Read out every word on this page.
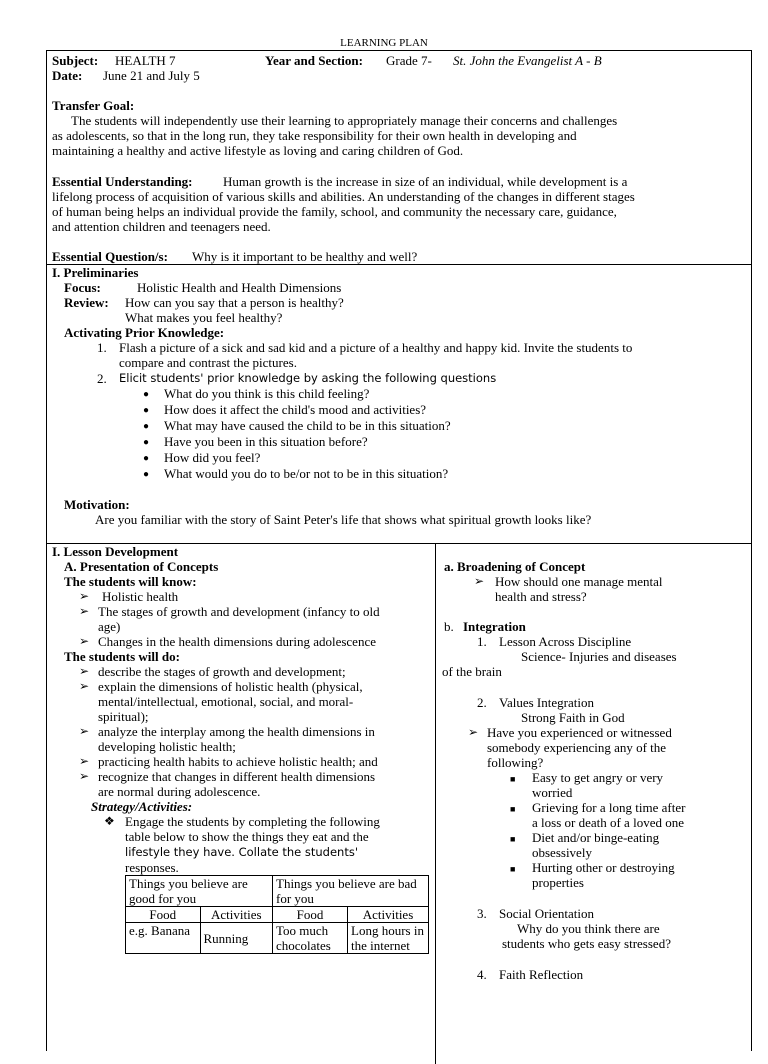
LEARNING PLAN
Subject: HEALTH 7	Year and Section: Grade 7- St. John the Evangelist A - B
Date: June 21 and July 5
Transfer Goal:
The students will independently use their learning to appropriately manage their concerns and challenges
as adolescents, so that in the long run, they take responsibility for their own health in developing and
maintaining a healthy and active lifestyle as loving and caring children of God.
Essential Understanding: Human growth is the increase in size of an individual, while development is a
lifelong process of acquisition of various skills and abilities. An understanding of the changes in different stages
of human being helps an individual provide the family, school, and community the necessary care, guidance,
and attention children and teenagers need.
Essential Question/s: Why is it important to be healthy and well?
I. Preliminaries
Focus:	Holistic Health and Health Dimensions
Review: How can you say that a person is healthy?
What makes you feel healthy?
Activating Prior Knowledge:
1. Flash a picture of a sick and sad kid and a picture of a healthy and happy kid. Invite the students to
compare and contrast the pictures.
2. Elicit students' prior knowledge by asking the following questions
● What do you think is this child feeling?
● How does it affect the child's mood and activities?
● What may have caused the child to be in this situation?
● Have you been in this situation before?
● How did you feel?
● What would you do to be/or not to be in this situation?
Motivation:
Are you familiar with the story of Saint Peter's life that shows what spiritual growth looks like?
I. Lesson Development
A. Presentation of Concepts
The students will know:
➢ Holistic health
➢ The stages of growth and development (infancy to old
age)
➢ Changes in the health dimensions during adolescence
The students will do:
➢ describe the stages of growth and development;
➢ explain the dimensions of holistic health (physical,
mental/intellectual, emotional, social, and moral-
spiritual);
➢ analyze the interplay among the health dimensions in
developing holistic health;
➢ practicing health habits to achieve holistic health; and
➢ recognize that changes in different health dimensions
are normal during adolescence.
Strategy/Activities:
❖ Engage the students by completing the following
table below to show the things they eat and the
lifestyle they have. Collate the students'
responses.
Things you believe are good for you		Things you believe are bad for you	
Food	Activities	Food	Activities
e.g. Banana	Running	Too much chocolates	Long hours in the internet
a. Broadening of Concept
➢ How should one manage mental
health and stress?
b. Integration
1. Lesson Across Discipline
Science- Injuries and diseases
of the brain
2. Values Integration
Strong Faith in God
➢ Have you experienced or witnessed
somebody experiencing any of the
following?
■ Easy to get angry or very
worried
■ Grieving for a long time after
a loss or death of a loved one
■ Diet and/or binge-eating
obsessively
■ Hurting other or destroying
properties
3. Social Orientation
Why do you think there are
students who gets easy stressed?
4. Faith Reflection
